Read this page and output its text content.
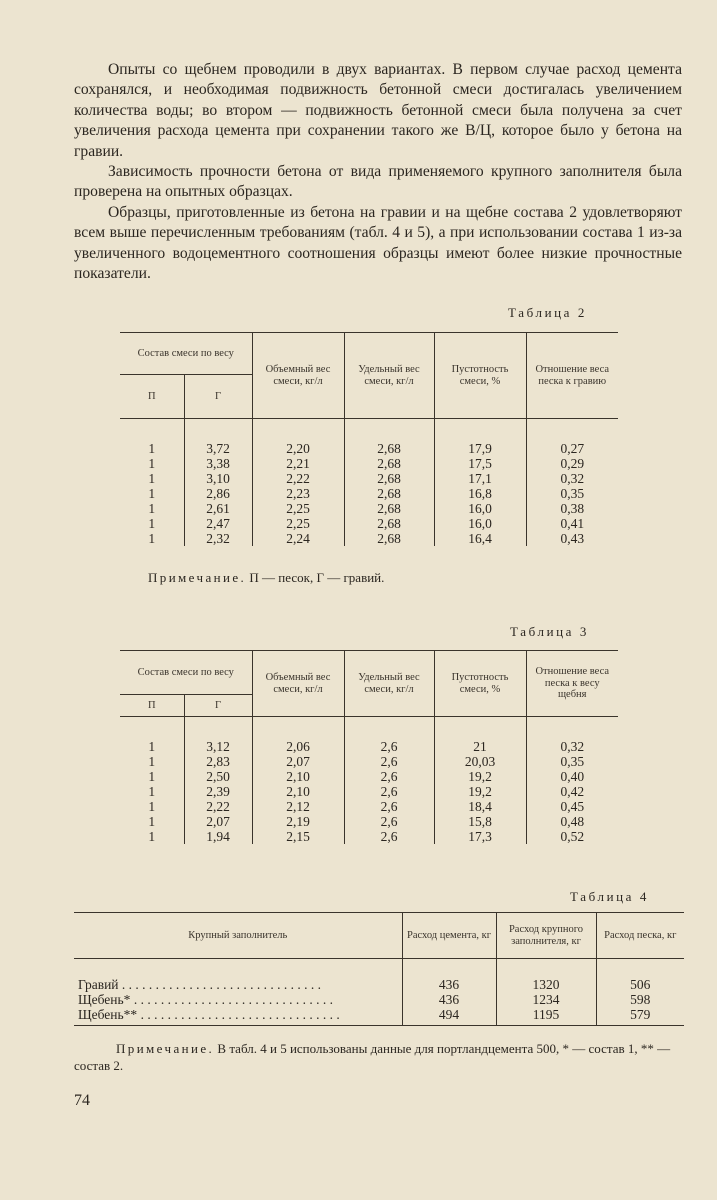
Опыты со щебнем проводили в двух вариантах. В первом случае расход цемента сохранялся, и необходимая подвижность бетонной смеси достигалась увеличением количества воды; во втором — подвижность бетонной смеси была получена за счет увеличения расхода цемента при сохранении такого же В/Ц, которое было у бетона на гравии.

Зависимость прочности бетона от вида применяемого крупного заполнителя была проверена на опытных образцах.

Образцы, приготовленные из бетона на гравии и на щебне состава 2 удовлетворяют всем выше перечисленным требованиям (табл. 4 и 5), а при использовании состава 1 из-за увеличенного водоцементного соотношения образцы имеют более низкие прочностные показатели.

Таблица 2
Состав смеси по весу		Объемный вес смеси, кг/л	Удельный вес смеси, кг/л	Пустотность смеси, %	Отношение веса песка к гравию
П	Г				

1	3,72	2,20	2,68	17,9	0,27
1	3,38	2,21	2,68	17,5	0,29
1	3,10	2,22	2,68	17,1	0,32
1	2,86	2,23	2,68	16,8	0,35
1	2,61	2,25	2,68	16,0	0,38
1	2,47	2,25	2,68	16,0	0,41
1	2,32	2,24	2,68	16,4	0,43
Примечание. П — песок, Г — гравий.
Таблица 3
Состав смеси по весу		Объемный вес смеси, кг/л	Удельный вес смеси, кг/л	Пустотность смеси, %	Отношение веса песка к весу щебня
П	Г				

1	3,12	2,06	2,6	21	0,32
1	2,83	2,07	2,6	20,03	0,35
1	2,50	2,10	2,6	19,2	0,40
1	2,39	2,10	2,6	19,2	0,42
1	2,22	2,12	2,6	18,4	0,45
1	2,07	2,19	2,6	15,8	0,48
1	1,94	2,15	2,6	17,3	0,52
Таблица 4
Крупный заполнитель	Расход цемента, кг	Расход крупного заполнителя, кг	Расход песка, кг

Гравий . . . . . . . . . . . . . . . . . . . . . . . . . . . . . .	436	1320	506
Щебень* . . . . . . . . . . . . . . . . . . . . . . . . . . . . . .	436	1234	598
Щебень** . . . . . . . . . . . . . . . . . . . . . . . . . . . . . .	494	1195	579

Примечание. В табл. 4 и 5 использованы данные для портландцемента 500, * — состав 1, ** — состав 2.
74
